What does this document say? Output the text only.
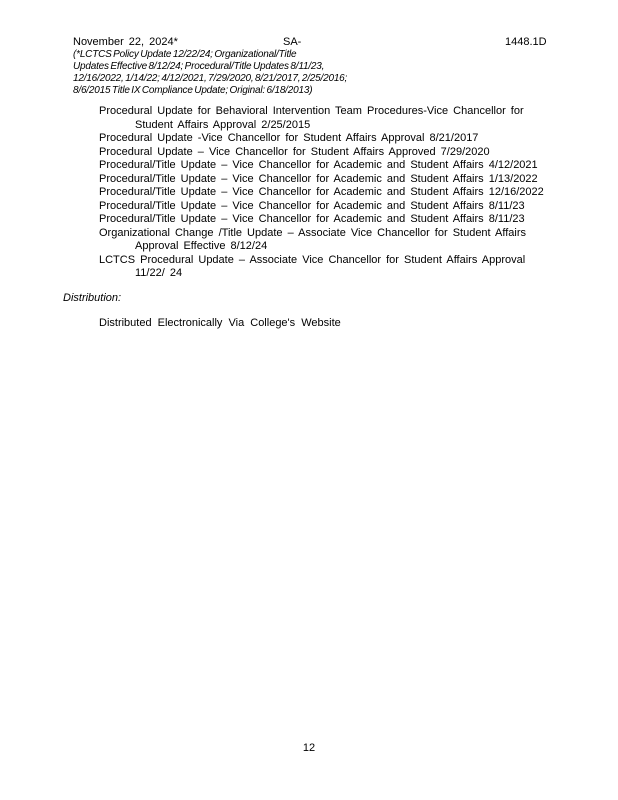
November 22, 2024*	SA-	1448.1D
(*LCTCS Policy Update 12/22/24; Organizational/Title
Updates Effective 8/12/24; Procedural/Title Updates 8/11/23,
12/16/2022, 1/14/22; 4/12/2021, 7/29/2020, 8/21/2017, 2/25/2016;
8/6/2015 Title IX Compliance Update; Original: 6/18/2013)
Procedural Update for Behavioral Intervention Team Procedures-Vice Chancellor for
Student Affairs Approval 2/25/2015
Procedural Update -Vice Chancellor for Student Affairs Approval 8/21/2017
Procedural Update – Vice Chancellor for Student Affairs Approved 7/29/2020
Procedural/Title Update – Vice Chancellor for Academic and Student Affairs 4/12/2021
Procedural/Title Update – Vice Chancellor for Academic and Student Affairs 1/13/2022
Procedural/Title Update – Vice Chancellor for Academic and Student Affairs 12/16/2022
Procedural/Title Update – Vice Chancellor for Academic and Student Affairs 8/11/23
Procedural/Title Update – Vice Chancellor for Academic and Student Affairs 8/11/23
Organizational Change /Title Update – Associate Vice Chancellor for Student Affairs
Approval Effective 8/12/24
LCTCS Procedural Update – Associate Vice Chancellor for Student Affairs Approval
11/22/ 24
Distribution:
Distributed Electronically Via College's Website
12
